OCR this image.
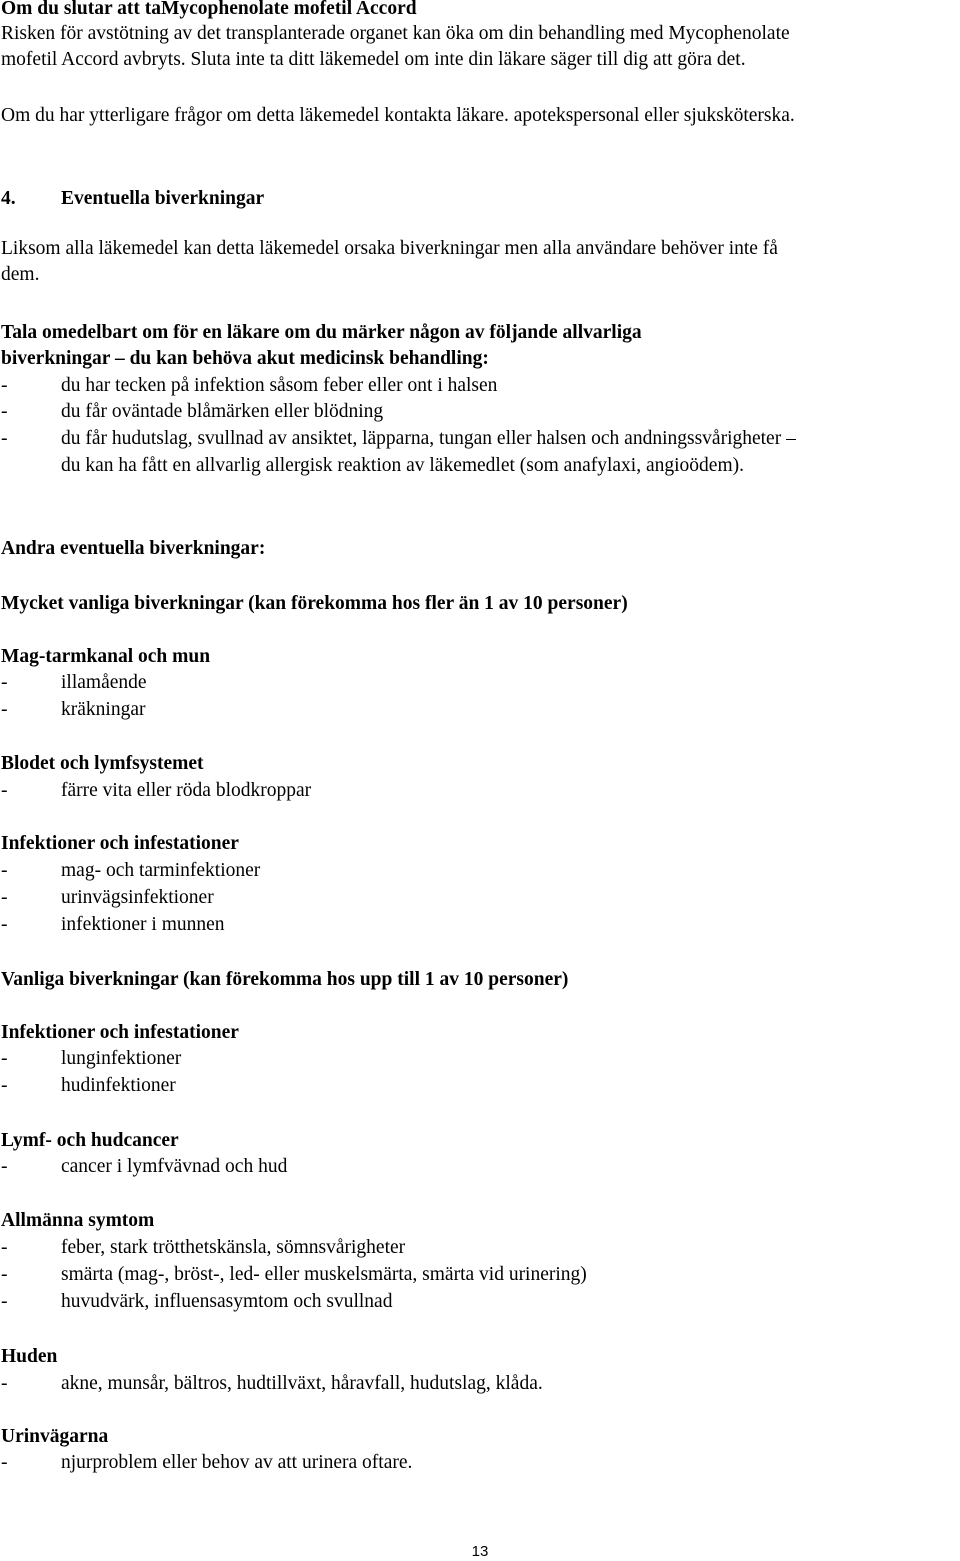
Om du slutar att taMycophenolate mofetil Accord
Risken för avstötning av det transplanterade organet kan öka om din behandling med Mycophenolate
mofetil Accord avbryts. Sluta inte ta ditt läkemedel om inte din läkare säger till dig att göra det.
Om du har ytterligare frågor om detta läkemedel kontakta läkare. apotekspersonal eller sjuksköterska.
4. Eventuella biverkningar
Liksom alla läkemedel kan detta läkemedel orsaka biverkningar men alla användare behöver inte få
dem.
Tala omedelbart om för en läkare om du märker någon av följande allvarliga
biverkningar – du kan behöva akut medicinsk behandling:
-	du har tecken på infektion såsom feber eller ont i halsen
-	du får oväntade blåmärken eller blödning
-	du får hudutslag, svullnad av ansiktet, läpparna, tungan eller halsen och andningssvårigheter –
du kan ha fått en allvarlig allergisk reaktion av läkemedlet (som anafylaxi, angioödem).
Andra eventuella biverkningar:
Mycket vanliga biverkningar (kan förekomma hos fler än 1 av 10 personer)
Mag-tarmkanal och mun
-	illamående
-	kräkningar
Blodet och lymfsystemet
-	färre vita eller röda blodkroppar
Infektioner och infestationer
-	mag- och tarminfektioner
-	urinvägsinfektioner
-	infektioner i munnen
Vanliga biverkningar (kan förekomma hos upp till 1 av 10 personer)
Infektioner och infestationer
-	lunginfektioner
-	hudinfektioner
Lymf- och hudcancer
-	cancer i lymfvävnad och hud
Allmänna symtom
-	feber, stark trötthetskänsla, sömnsvårigheter
-	smärta (mag-, bröst-, led- eller muskelsmärta, smärta vid urinering)
-	huvudvärk, influensasymtom och svullnad
Huden
-	akne, munsår, bältros, hudtillväxt, håravfall, hudutslag, klåda.
Urinvägarna
-	njurproblem eller behov av att urinera oftare.
13
